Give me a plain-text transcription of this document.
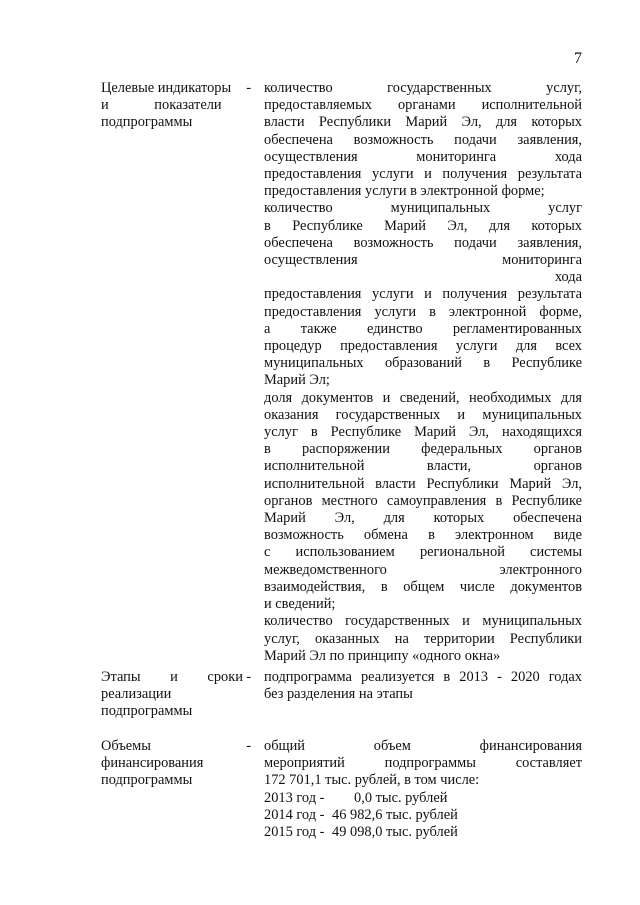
7
Целевые индикаторы
и показатели
подпрограммы
- количество государственных услуг,
предоставляемых органами исполнительной
власти Республики Марий Эл, для которых
обеспечена возможность подачи заявления,
осуществления мониторинга хода
предоставления услуги и получения результата
предоставления услуги в электронной форме;
количество муниципальных услуг
в Республике Марий Эл, для которых
обеспечена возможность подачи заявления,
осуществления мониторинга
хода
предоставления услуги и получения результата
предоставления услуги в электронной форме,
а также единство регламентированных
процедур предоставления услуги для всех
муниципальных образований в Республике
Марий Эл;
доля документов и сведений, необходимых для
оказания государственных и муниципальных
услуг в Республике Марий Эл, находящихся
в распоряжении федеральных органов
исполнительной власти, органов
исполнительной власти Республики Марий Эл,
органов местного самоуправления в Республике
Марий Эл, для которых обеспечена
возможность обмена в электронном виде
с использованием региональной системы
межведомственного электронного
взаимодействия, в общем числе документов
и сведений;
количество государственных и муниципальных
услуг, оказанных на территории Республики
Марий Эл по принципу «одного окна»
Этапы и сроки
реализации
подпрограммы
- подпрограмма реализуется в 2013 - 2020 годах
без разделения на этапы
Объемы
финансирования
подпрограммы
- общий объем финансирования
мероприятий подпрограммы составляет
172 701,1 тыс. рублей, в том числе:
2013 год - 0,0 тыс. рублей
2014 год - 46 982,6 тыс. рублей
2015 год - 49 098,0 тыс. рублей
